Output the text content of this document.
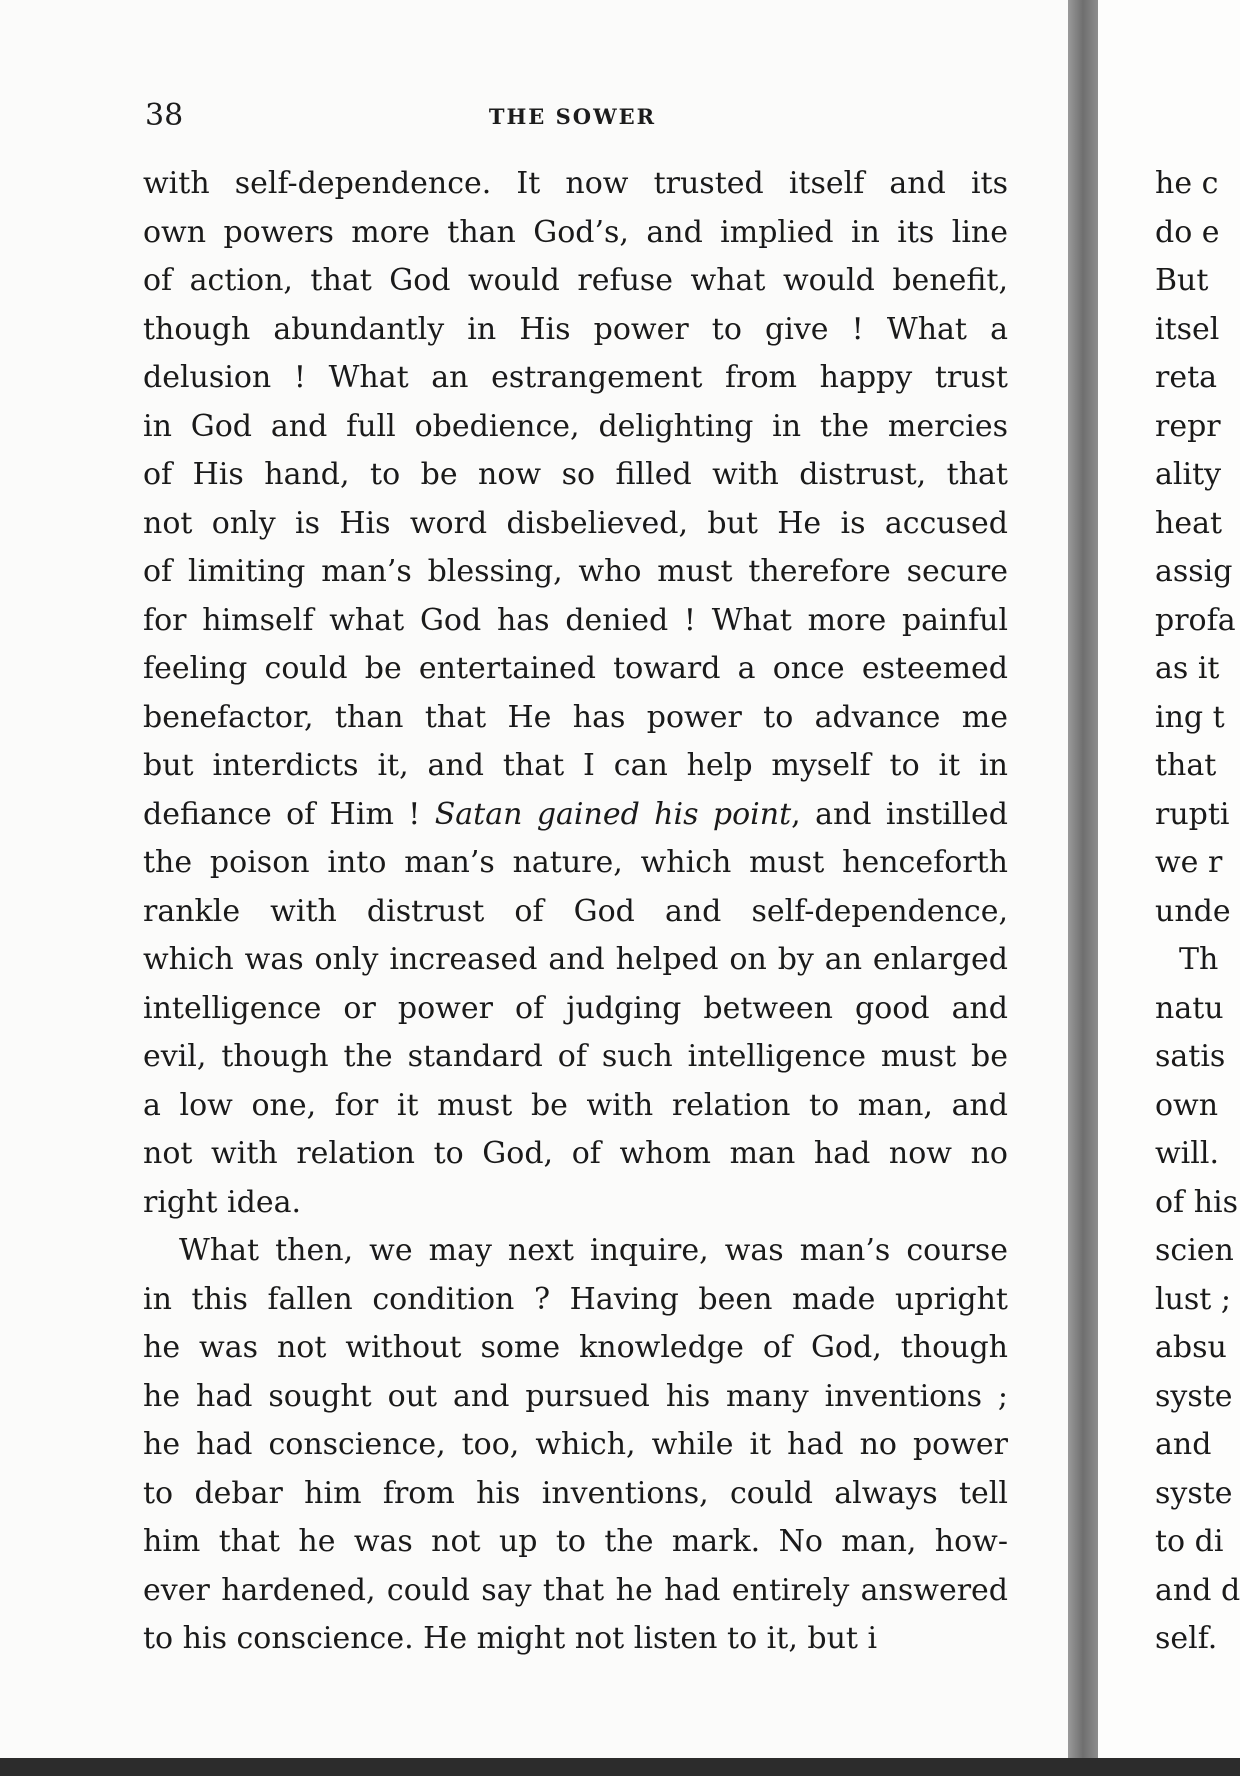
38	THE SOWER
with self-dependence. It now trusted itself and its
own powers more than God’s, and implied in its line
of action, that God would refuse what would benefit,
though abundantly in His power to give ! What a
delusion ! What an estrangement from happy trust
in God and full obedience, delighting in the mercies
of His hand, to be now so filled with distrust, that
not only is His word disbelieved, but He is accused
of limiting man’s blessing, who must therefore secure
for himself what God has denied ! What more painful
feeling could be entertained toward a once esteemed
benefactor, than that He has power to advance me
but interdicts it, and that I can help myself to it in
defiance of Him ! Satan gained his point, and instilled
the poison into man’s nature, which must henceforth
rankle with distrust of God and self-dependence,
which was only increased and helped on by an enlarged
intelligence or power of judging between good and
evil, though the standard of such intelligence must be
a low one, for it must be with relation to man, and
not with relation to God, of whom man had now no
right idea.
What then, we may next inquire, was man’s course
in this fallen condition ? Having been made upright
he was not without some knowledge of God, though
he had sought out and pursued his many inventions ;
he had conscience, too, which, while it had no power
to debar him from his inventions, could always tell
him that he was not up to the mark. No man, how-
ever hardened, could say that he had entirely answered
to his conscience. He might not listen to it, but i
he c
do e
But
itsel
reta
repr
ality
heat
assig
profa
as it
ing t
that
rupti
we r
unde
Th
natu
satis
own
will.
of his
scien
lust ;
absu
syste
and
syste
to di
and d
self.
